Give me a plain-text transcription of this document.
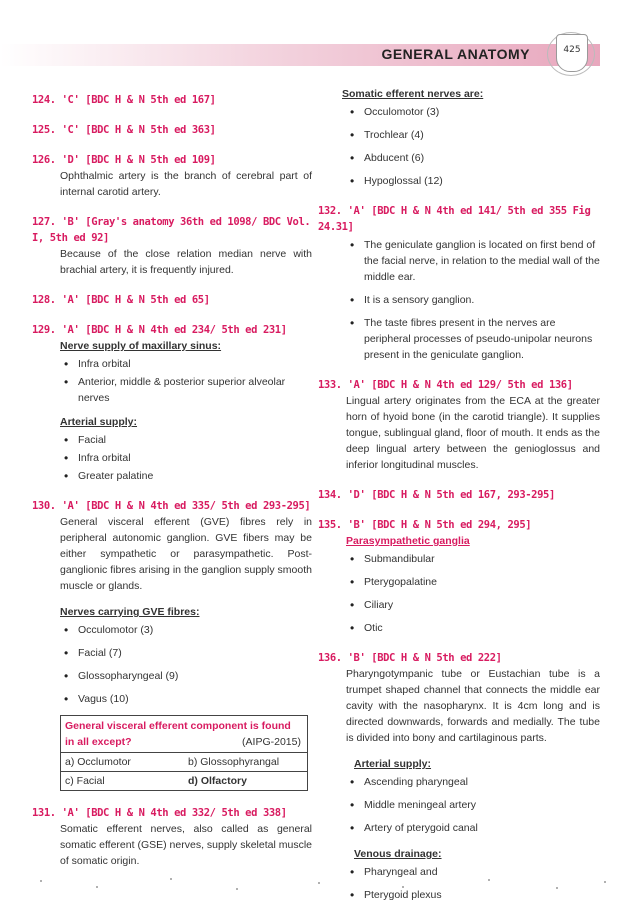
GENERAL ANATOMY	425
124. 'C' [BDC H & N 5th ed 167]
125. 'C' [BDC H & N 5th ed 363]
126. 'D' [BDC H & N 5th ed 109]
Ophthalmic artery is the branch of cerebral part of internal carotid artery.
127. 'B' [Gray's anatomy 36th ed 1098/ BDC Vol. I, 5th ed 92]
Because of the close relation median nerve with brachial artery, it is frequently injured.
128. 'A' [BDC H & N 5th ed 65]
129. 'A' [BDC H & N 4th ed 234/ 5th ed 231]
Nerve supply of maxillary sinus:
• Infra orbital
• Anterior, middle & posterior superior alveolar nerves
Arterial supply:
• Facial
• Infra orbital
• Greater palatine
130. 'A' [BDC H & N 4th ed 335/ 5th ed 293-295]
General visceral efferent (GVE) fibres rely in peripheral autonomic ganglion. GVE fibers may be either sympathetic or parasympathetic. Post-ganglionic fibres arising in the ganglion supply smooth muscle or glands.
Nerves carrying GVE fibres:
• Occulomotor (3)
• Facial (7)
• Glossopharyngeal (9)
• Vagus (10)
General visceral efferent component is found in all except?	(AIPG-2015)
a) Occlumotor	b) Glossophyrangal
c) Facial	d) Olfactory
131. 'A' [BDC H & N 4th ed 332/ 5th ed 338]
Somatic efferent nerves, also called as general somatic efferent (GSE) nerves, supply skeletal muscle of somatic origin.
Somatic efferent nerves are:
• Occulomotor (3)
• Trochlear (4)
• Abducent (6)
• Hypoglossal (12)
132. 'A' [BDC H & N 4th ed 141/ 5th ed 355 Fig 24.31]
• The geniculate ganglion is located on first bend of the facial nerve, in relation to the medial wall of the middle ear.
• It is a sensory ganglion.
• The taste fibres present in the nerves are peripheral processes of pseudo-unipolar neurons present in the geniculate ganglion.
133. 'A' [BDC H & N 4th ed 129/ 5th ed 136]
Lingual artery originates from the ECA at the greater horn of hyoid bone (in the carotid triangle). It supplies tongue, sublingual gland, floor of mouth. It ends as the deep lingual artery between the genioglossus and inferior longitudinal muscles.
134. 'D' [BDC H & N 5th ed 167, 293-295]
135. 'B' [BDC H & N 5th ed 294, 295]
Parasympathetic ganglia
• Submandibular
• Pterygopalatine
• Ciliary
• Otic
136. 'B' [BDC H & N 5th ed 222]
Pharyngotympanic tube or Eustachian tube is a trumpet shaped channel that connects the middle ear cavity with the nasopharynx. It is 4cm long and is directed downwards, forwards and medially. The tube is divided into bony and cartilaginous parts.
Arterial supply:
• Ascending pharyngeal
• Middle meningeal artery
• Artery of pterygoid canal
Venous drainage:
• Pharyngeal and
• Pterygoid plexus
